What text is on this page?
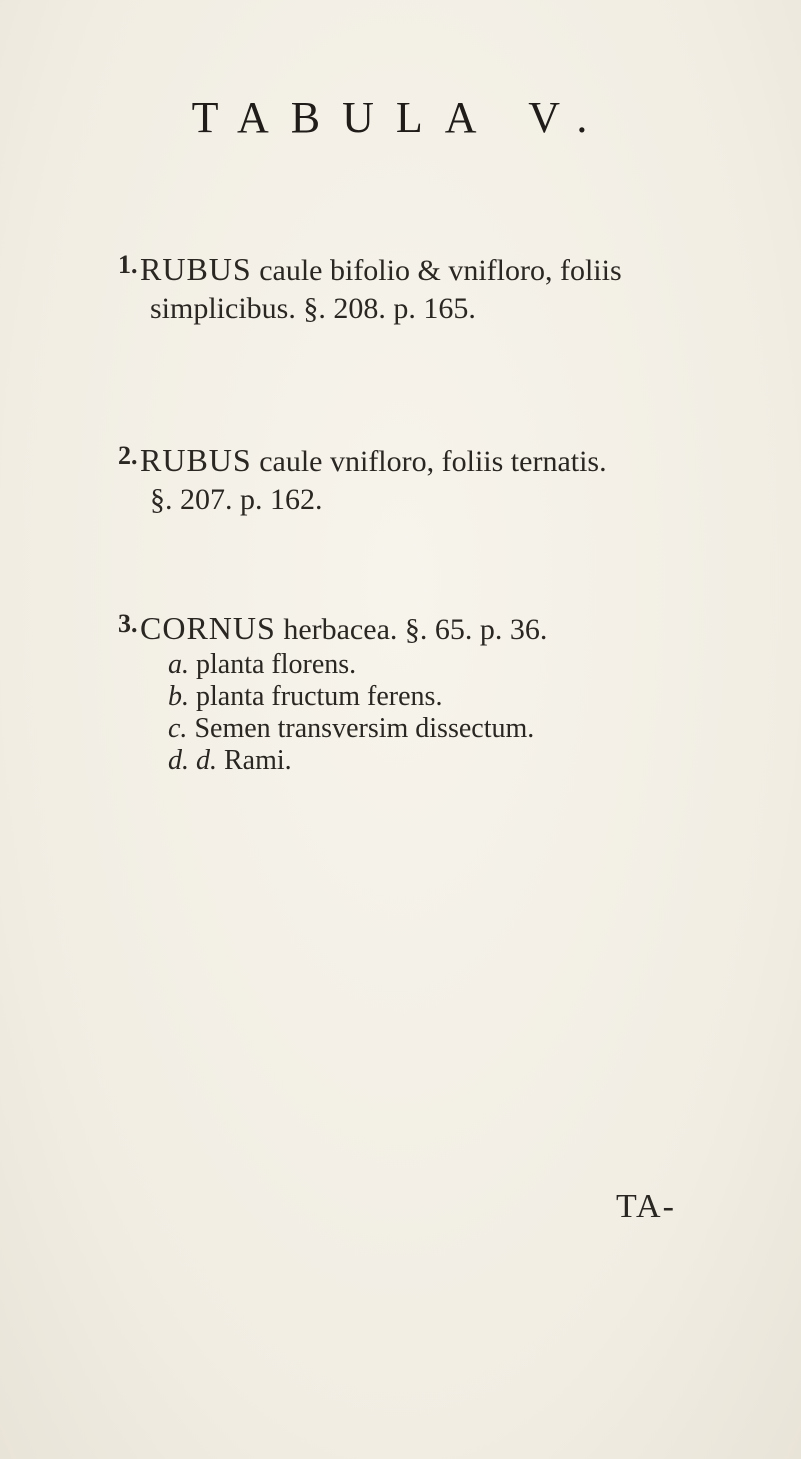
TABULA V.
1. RUBUS caule bifolio & vnifloro, foliis
simplicibus. §. 208. p. 165.
2. RUBUS caule vnifloro, foliis ternatis.
§. 207. p. 162.
3. CORNUS herbacea. §. 65. p. 36.
a. planta florens.
b. planta fructum ferens.
c. Semen transversim dissectum.
d. d. Rami.
TA-
